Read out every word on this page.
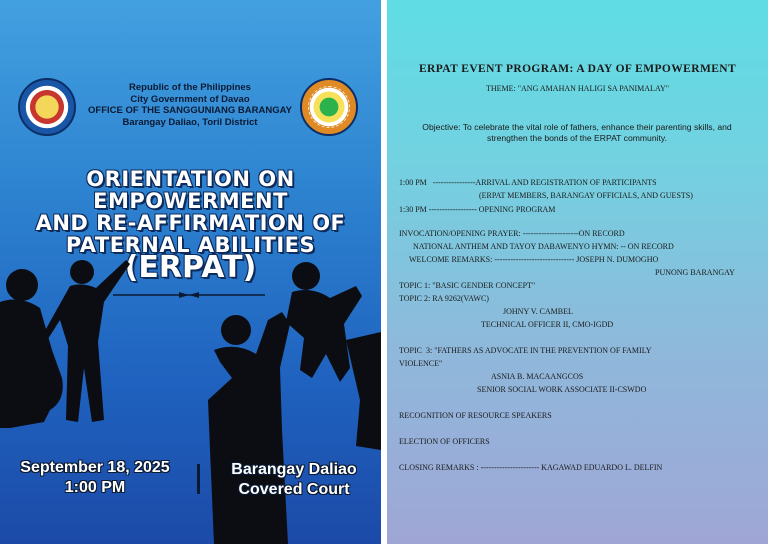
Republic of the Philippines
City Government of Davao
OFFICE OF THE SANGGUNIANG BARANGAY
Barangay Daliao, Toril District
ORIENTATION ON EMPOWERMENT
AND RE-AFFIRMATION OF
PATERNAL ABILITIES
(ERPAT)
September 18, 2025
1:00 PM
Barangay Daliao
Covered Court
ERPAT EVENT PROGRAM: A DAY OF EMPOWERMENT
THEME: "ANG AMAHAN HALIGI SA PANIMALAY"
Objective: To celebrate the vital role of fathers, enhance their parenting skills, and strengthen the bonds of the ERPAT community.
1:00 PM   ----------------ARRIVAL AND REGISTRATION OF PARTICIPANTS
(ERPAT MEMBERS, BARANGAY OFFICIALS, AND GUESTS)
1:30 PM ------------------ OPENING PROGRAM
INVOCATION/OPENING PRAYER: ---------------------ON RECORD
NATIONAL ANTHEM AND TAYOY DABAWENYO HYMN: -- ON RECORD
WELCOME REMARKS: ------------------------------ JOSEPH N. DUMOGHO
PUNONG BARANGAY
TOPIC 1: "BASIC GENDER CONCEPT"
TOPIC 2: RA 9262(VAWC)
JOHNY V. CAMBEL
TECHNICAL OFFICER II, CMO-IGDD
TOPIC  3: "FATHERS AS ADVOCATE IN THE PREVENTION OF FAMILY
VIOLENCE"
ASNIA B. MACAANGCOS
SENIOR SOCIAL WORK ASSOCIATE II-CSWDO
RECOGNITION OF RESOURCE SPEAKERS
ELECTION OF OFFICERS
CLOSING REMARKS : ---------------------- KAGAWAD EDUARDO L. DELFIN
